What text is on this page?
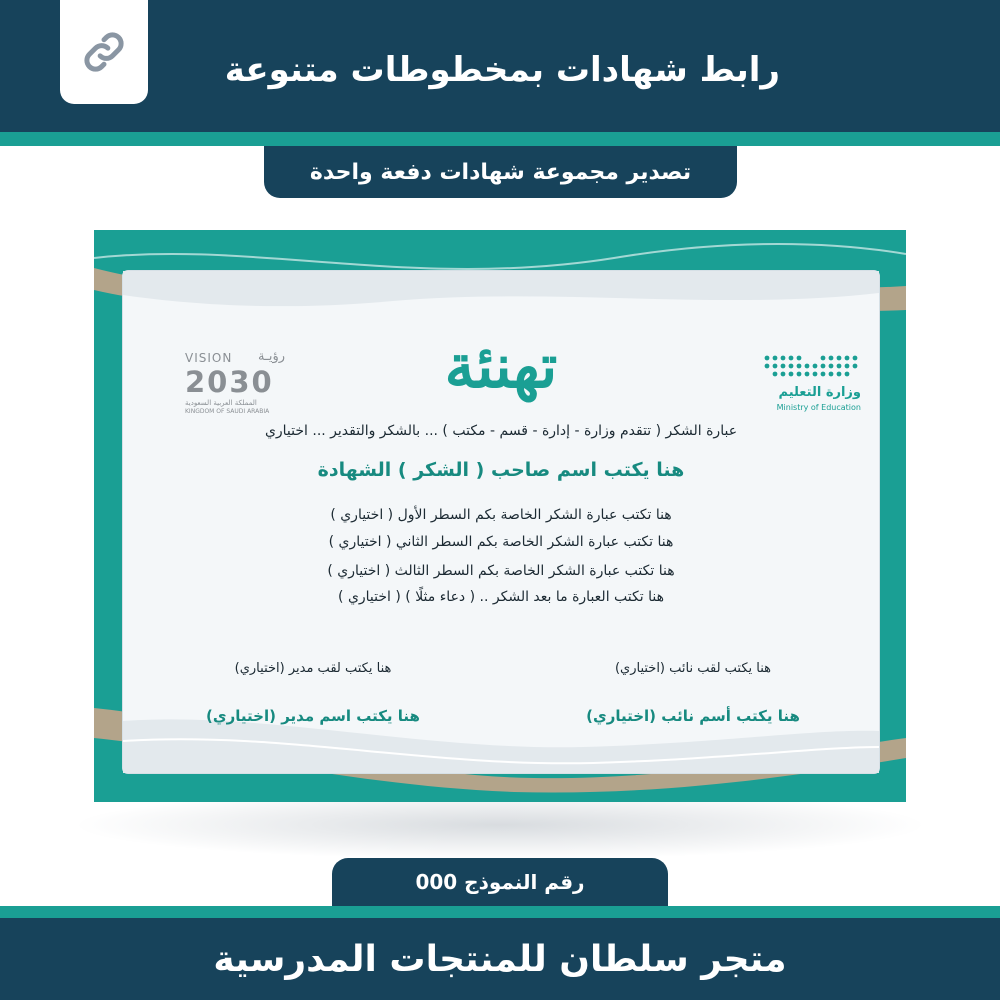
رابط شهادات بمخطوطات متنوعة
تصدير مجموعة شهادات دفعة واحدة
وزارة التعليم
Ministry of Education
VISION رؤيـة
2030
المملكة العربية السعودية
KINGDOM OF SAUDI ARABIA
تهنئة
عبارة الشكر ( تتقدم وزارة - إدارة - قسم - مكتب ) ... بالشكر والتقدير ... اختياري
هنا يكتب اسم صاحب ( الشكر ) الشهادة
هنا تكتب عبارة الشكر الخاصة بكم السطر الأول ( اختياري )
هنا تكتب عبارة الشكر الخاصة بكم السطر الثاني ( اختياري )
هنا تكتب عبارة الشكر الخاصة بكم السطر الثالث ( اختياري )
هنا تكتب العبارة ما بعد الشكر .. ( دعاء مثلًا ) ( اختياري )
هنا يكتب لقب نائب (اختياري)
هنا يكتب أسم نائب (اختياري)
هنا يكتب لقب مدير (اختياري)
هنا يكتب اسم مدير (اختياري)
رقم النموذج 000
متجر سلطان للمنتجات المدرسية
